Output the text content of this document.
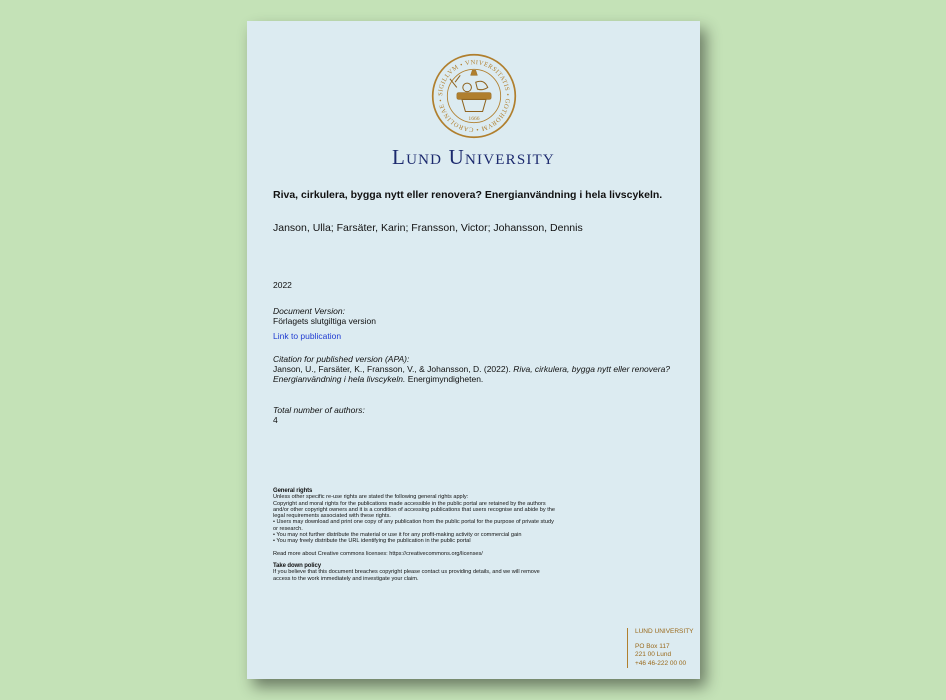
SIGILLVM • VNIVERSITATIS • GOTHORVM • CAROLINAE •
1666
Lund University
Riva, cirkulera, bygga nytt eller renovera? Energianvändning i hela livscykeln.
Janson, Ulla; Farsäter, Karin; Fransson, Victor; Johansson, Dennis
2022
Document Version:
Förlagets slutgiltiga version
Link to publication
Citation for published version (APA):
Janson, U., Farsäter, K., Fransson, V., & Johansson, D. (2022). Riva, cirkulera, bygga nytt eller renovera? Energianvändning i hela livscykeln. Energimyndigheten.
Total number of authors:
4

General rights

Unless other specific re-use rights are stated the following general rights apply:

Copyright and moral rights for the publications made accessible in the public portal are retained by the authors

and/or other copyright owners and it is a condition of accessing publications that users recognise and abide by the

legal requirements associated with these rights.

• Users may download and print one copy of any publication from the public portal for the purpose of private study

or research.

• You may not further distribute the material or use it for any profit-making activity or commercial gain

• You may freely distribute the URL identifying the publication in the public portal

Read more about Creative commons licenses: https://creativecommons.org/licenses/

Take down policy

If you believe that this document breaches copyright please contact us providing details, and we will remove

access to the work immediately and investigate your claim.

LUND UNIVERSITY
PO Box 117
221 00 Lund
+46 46-222 00 00
